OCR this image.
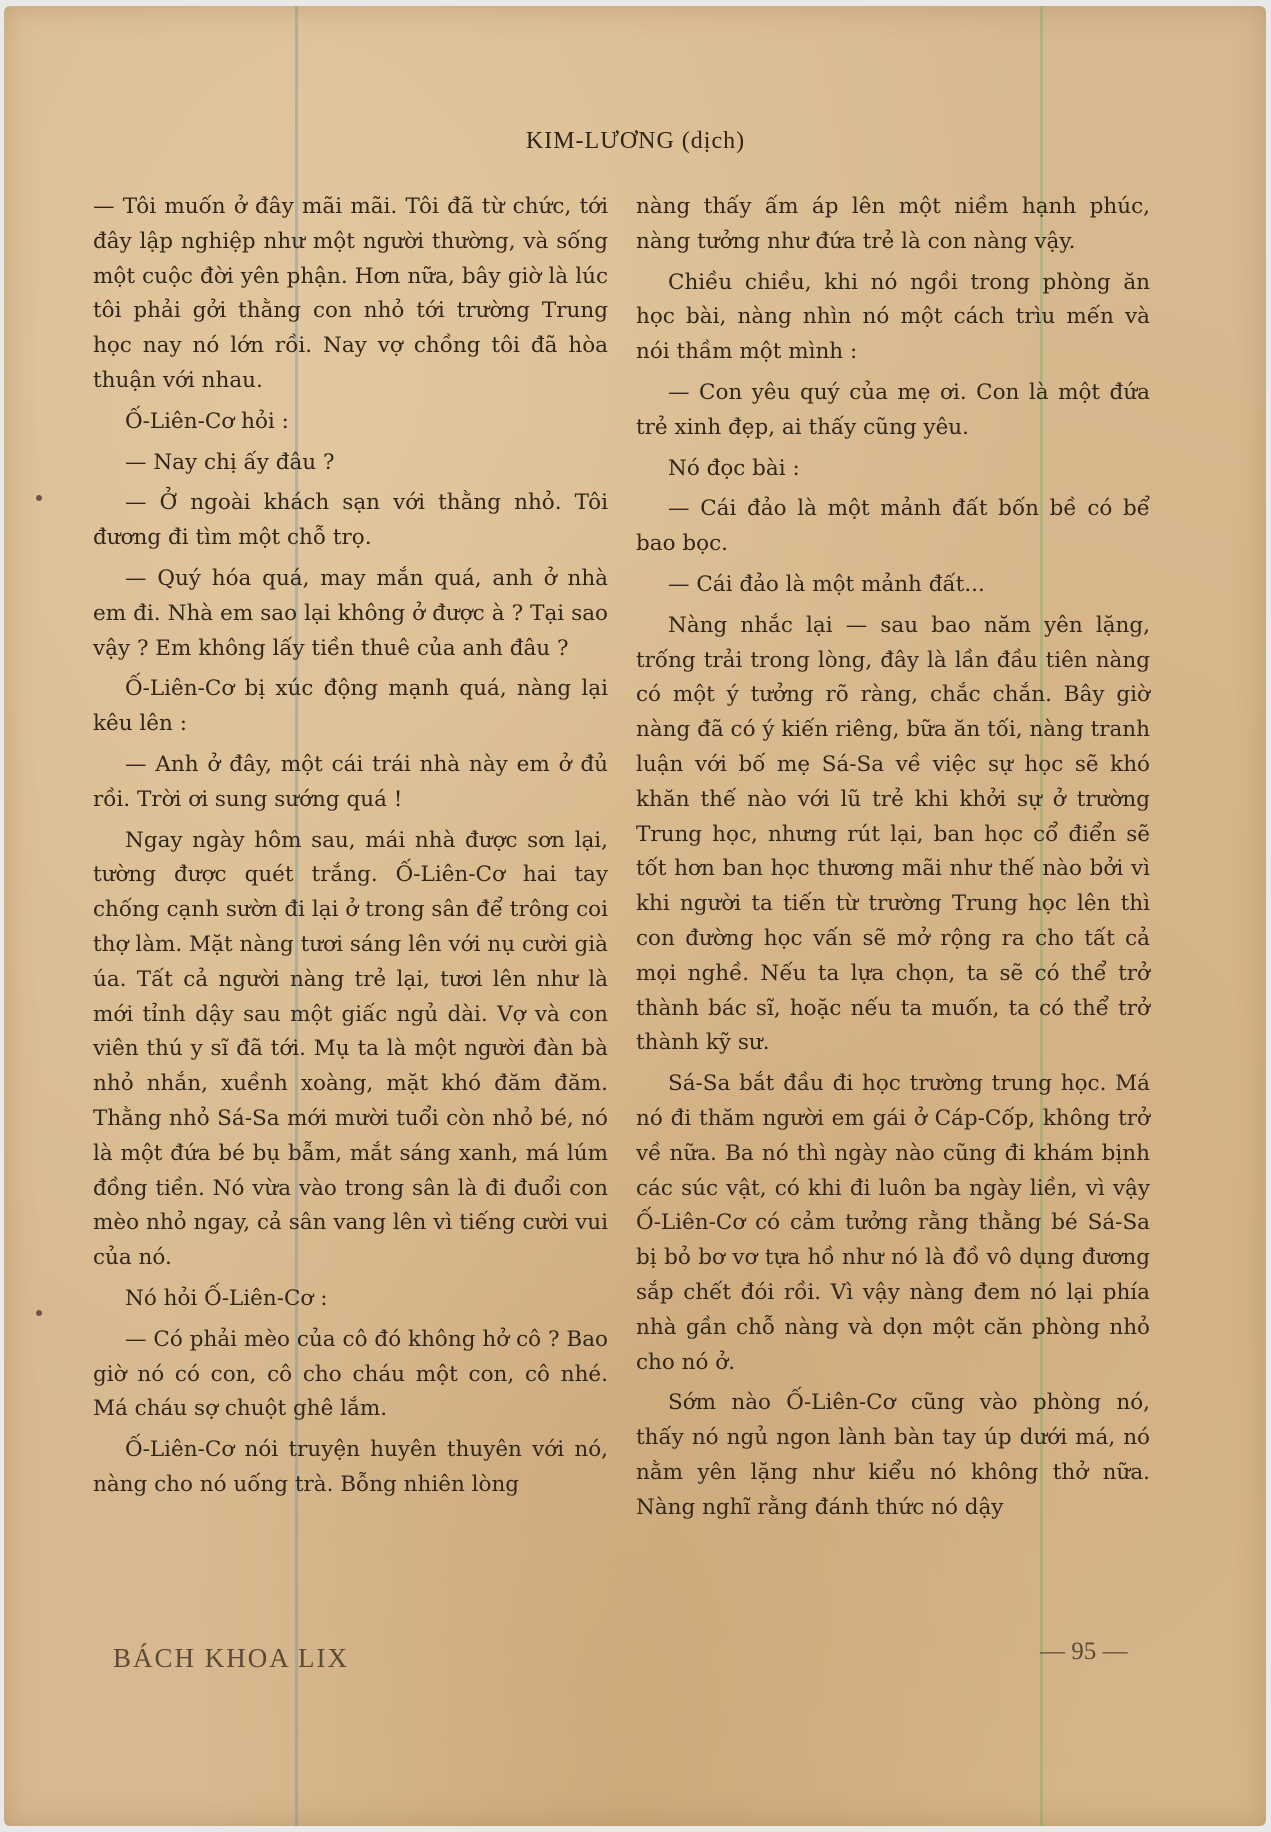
KIM-LƯƠNG (dịch)

— Tôi muốn ở đây mãi mãi. Tôi đã từ chức, tới đây lập nghiệp như một người thường, và sống một cuộc đời yên phận. Hơn nữa, bây giờ là lúc tôi phải gởi thằng con nhỏ tới trường Trung học nay nó lớn rồi. Nay vợ chồng tôi đã hòa thuận với nhau.

Ố-Liên-Cơ hỏi :

— Nay chị ấy đâu ?

— Ở ngoài khách sạn với thằng nhỏ. Tôi đương đi tìm một chỗ trọ.

— Quý hóa quá, may mắn quá, anh ở nhà em đi. Nhà em sao lại không ở được à ? Tại sao vậy ? Em không lấy tiền thuê của anh đâu ?

Ố-Liên-Cơ bị xúc động mạnh quá, nàng lại kêu lên :

— Anh ở đây, một cái trái nhà này em ở đủ rồi. Trời ơi sung sướng quá !

Ngay ngày hôm sau, mái nhà được sơn lại, tường được quét trắng. Ố-Liên-Cơ hai tay chống cạnh sườn đi lại ở trong sân để trông coi thợ làm. Mặt nàng tươi sáng lên với nụ cười già úa. Tất cả người nàng trẻ lại, tươi lên như là mới tỉnh dậy sau một giấc ngủ dài. Vợ và con viên thú y sĩ đã tới. Mụ ta là một người đàn bà nhỏ nhắn, xuềnh xoàng, mặt khó đăm đăm. Thằng nhỏ Sá-Sa mới mười tuổi còn nhỏ bé, nó là một đứa bé bụ bẫm, mắt sáng xanh, má lúm đồng tiền. Nó vừa vào trong sân là đi đuổi con mèo nhỏ ngay, cả sân vang lên vì tiếng cười vui của nó.

Nó hỏi Ố-Liên-Cơ :

— Có phải mèo của cô đó không hở cô ? Bao giờ nó có con, cô cho cháu một con, cô nhé. Má cháu sợ chuột ghê lắm.

Ố-Liên-Cơ nói truyện huyên thuyên với nó, nàng cho nó uống trà. Bỗng nhiên lòng

nàng thấy ấm áp lên một niềm hạnh phúc, nàng tưởng như đứa trẻ là con nàng vậy.

Chiều chiều, khi nó ngồi trong phòng ăn học bài, nàng nhìn nó một cách trìu mến và nói thầm một mình :

— Con yêu quý của mẹ ơi. Con là một đứa trẻ xinh đẹp, ai thấy cũng yêu.

Nó đọc bài :

— Cái đảo là một mảnh đất bốn bề có bể bao bọc.

— Cái đảo là một mảnh đất...

Nàng nhắc lại — sau bao năm yên lặng, trống trải trong lòng, đây là lần đầu tiên nàng có một ý tưởng rõ ràng, chắc chắn. Bây giờ nàng đã có ý kiến riêng, bữa ăn tối, nàng tranh luận với bố mẹ Sá-Sa về việc sự học sẽ khó khăn thế nào với lũ trẻ khi khởi sự ở trường Trung học, nhưng rút lại, ban học cổ điển sẽ tốt hơn ban học thương mãi như thế nào bởi vì khi người ta tiến từ trường Trung học lên thì con đường học vấn sẽ mở rộng ra cho tất cả mọi nghề. Nếu ta lựa chọn, ta sẽ có thể trở thành bác sĩ, hoặc nếu ta muốn, ta có thể trở thành kỹ sư.

Sá-Sa bắt đầu đi học trường trung học. Má nó đi thăm người em gái ở Cáp-Cốp, không trở về nữa. Ba nó thì ngày nào cũng đi khám bịnh các súc vật, có khi đi luôn ba ngày liền, vì vậy Ố-Liên-Cơ có cảm tưởng rằng thằng bé Sá-Sa bị bỏ bơ vơ tựa hồ như nó là đồ vô dụng đương sắp chết đói rồi. Vì vậy nàng đem nó lại phía nhà gần chỗ nàng và dọn một căn phòng nhỏ cho nó ở.

Sớm nào Ố-Liên-Cơ cũng vào phòng nó, thấy nó ngủ ngon lành bàn tay úp dưới má, nó nằm yên lặng như kiểu nó không thở nữa. Nàng nghĩ rằng đánh thức nó dậy

BÁCH KHOA LIX	— 95 —
